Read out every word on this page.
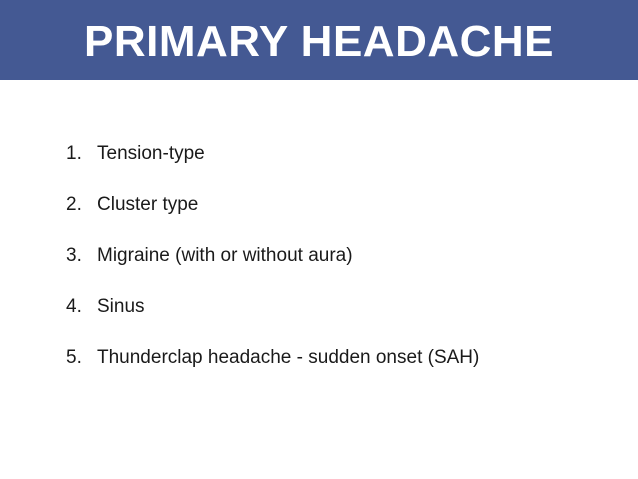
PRIMARY HEADACHE
1. Tension-type
2. Cluster type
3. Migraine (with or without aura)
4. Sinus
5. Thunderclap headache - sudden onset (SAH)
